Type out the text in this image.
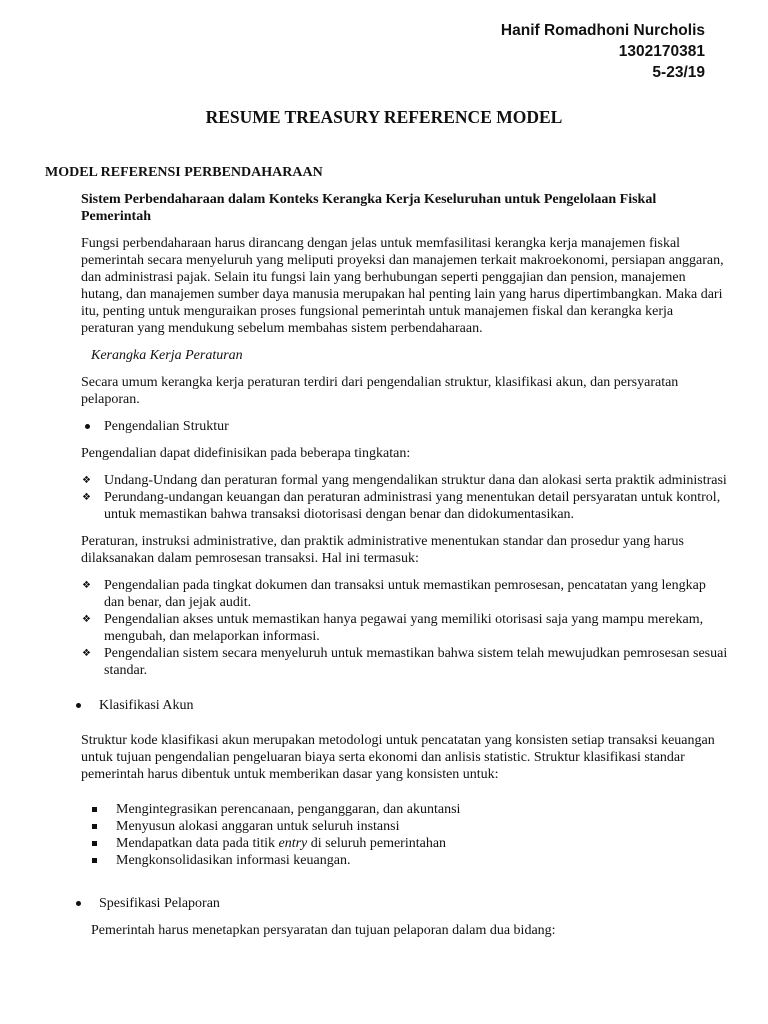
Hanif Romadhoni Nurcholis
1302170381
5-23/19
RESUME TREASURY REFERENCE MODEL
MODEL REFERENSI PERBENDAHARAAN
Sistem Perbendaharaan dalam Konteks Kerangka Kerja Keseluruhan untuk Pengelolaan Fiskal Pemerintah
Fungsi perbendaharaan harus dirancang dengan jelas untuk memfasilitasi kerangka kerja manajemen fiskal pemerintah secara menyeluruh yang meliputi proyeksi dan manajemen terkait makroekonomi, persiapan anggaran, dan administrasi pajak. Selain itu fungsi lain yang berhubungan seperti penggajian dan pension, manajemen hutang, dan manajemen sumber daya manusia merupakan hal penting lain yang harus dipertimbangkan. Maka dari itu, penting untuk menguraikan proses fungsional pemerintah untuk manajemen fiskal dan kerangka kerja peraturan yang mendukung sebelum membahas sistem perbendaharaan.
Kerangka Kerja Peraturan
Secara umum kerangka kerja peraturan terdiri dari pengendalian struktur, klasifikasi akun, dan persyaratan pelaporan.
Pengendalian Struktur
Pengendalian dapat didefinisikan pada beberapa tingkatan:
❖ Undang-Undang dan peraturan formal yang mengendalikan struktur dana dan alokasi serta praktik administrasi
❖ Perundang-undangan keuangan dan peraturan administrasi yang menentukan detail persyaratan untuk kontrol, untuk memastikan bahwa transaksi diotorisasi dengan benar dan didokumentasikan.
Peraturan, instruksi administrative, dan praktik administrative menentukan standar dan prosedur yang harus dilaksanakan dalam pemrosesan transaksi. Hal ini termasuk:
❖ Pengendalian pada tingkat dokumen dan transaksi untuk memastikan pemrosesan, pencatatan yang lengkap dan benar, dan jejak audit.
❖ Pengendalian akses untuk memastikan hanya pegawai yang memiliki otorisasi saja yang mampu merekam, mengubah, dan melaporkan informasi.
❖ Pengendalian sistem secara menyeluruh untuk memastikan bahwa sistem telah mewujudkan pemrosesan sesuai standar.
Klasifikasi Akun
Struktur kode klasifikasi akun merupakan metodologi untuk pencatatan yang konsisten setiap transaksi keuangan untuk tujuan pengendalian pengeluaran biaya serta ekonomi dan anlisis statistic. Struktur klasifikasi standar pemerintah harus dibentuk untuk memberikan dasar yang konsisten untuk:
Mengintegrasikan perencanaan, penganggaran, dan akuntansi
Menyusun alokasi anggaran untuk seluruh instansi
Mendapatkan data pada titik entry di seluruh pemerintahan
Mengkonsolidasikan informasi keuangan.
Spesifikasi Pelaporan
Pemerintah harus menetapkan persyaratan dan tujuan pelaporan dalam dua bidang:
